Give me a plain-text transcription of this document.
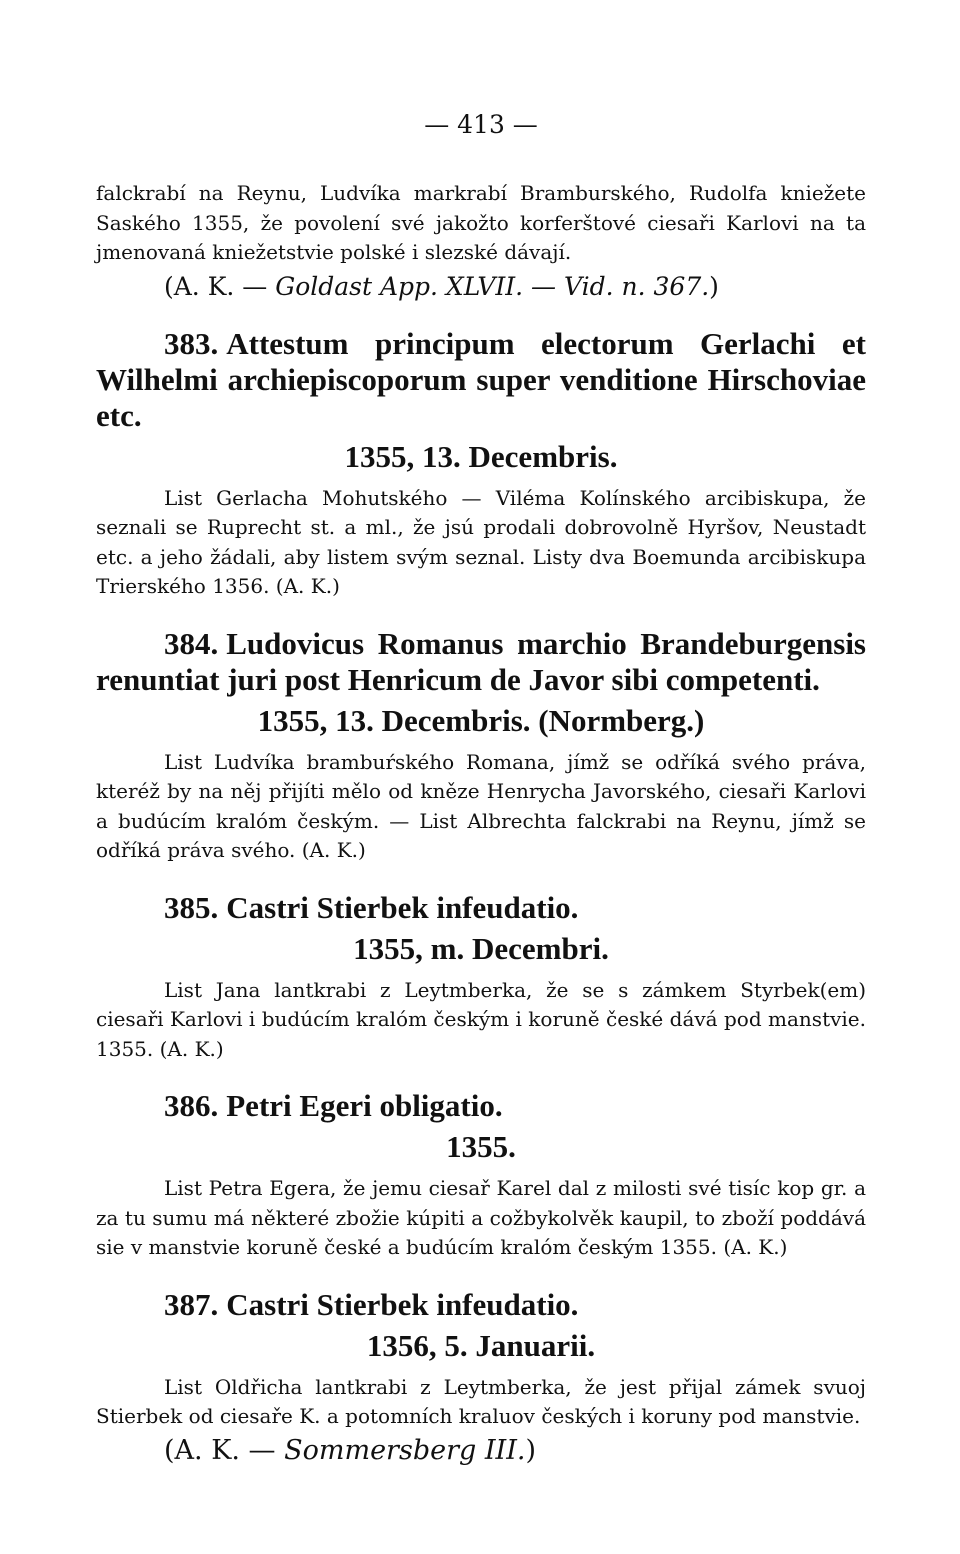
— 413 —

falckrabí na Reynu, Ludvíka markrabí Bramburského, Rudolfa kniežete Saského 1355, že povolení své jakožto korferštové ciesaři Karlovi na ta jmenovaná kniežetstvie polské i slezské dávají.

(A. K. — Goldast App. XLVII. — Vid. n. 367.)

383. Attestum principum electorum Gerlachi et Wilhelmi archiepiscoporum super venditione Hirschoviae etc.
1355, 13. Decembris.

List Gerlacha Mohutského — Viléma Kolínského arcibiskupa, že seznali se Ruprecht st. a ml., že jsú prodali dobrovolně Hyršov, Neustadt etc. a jeho žádali, aby listem svým seznal. Listy dva Boemunda arcibiskupa Trierského 1356. (A. K.)

384. Ludovicus Romanus marchio Brandeburgensis renuntiat juri post Henricum de Javor sibi competenti.
1355, 13. Decembris. (Normberg.)

List Ludvíka brambuŕského Romana, jímž se odříká svého práva, kteréž by na něj přijíti mělo od kněze Henrycha Javorského, ciesaři Karlovi a budúcím kralóm českým. — List Albrechta falckrabi na Reynu, jímž se odříká práva svého. (A. K.)

385. Castri Stierbek infeudatio.
1355, m. Decembri.

List Jana lantkrabi z Leytmberka, že se s zámkem Styrbek(em) ciesaři Karlovi i budúcím kralóm českým i koruně české dává pod manstvie. 1355. (A. K.)

386. Petri Egeri obligatio.
1355.

List Petra Egera, že jemu ciesař Karel dal z milosti své tisíc kop gr. a za tu sumu má některé zbožie kúpiti a cožbykolvěk kaupil, to zboží poddává sie v manstvie koruně české a budúcím kralóm českým 1355. (A. K.)

387. Castri Stierbek infeudatio.
1356, 5. Januarii.

List Oldřicha lantkrabi z Leytmberka, že jest přijal zámek svuoj Stierbek od ciesaře K. a potomních kraluov českých i koruny pod manstvie.

(A. K. — Sommersberg III.)
